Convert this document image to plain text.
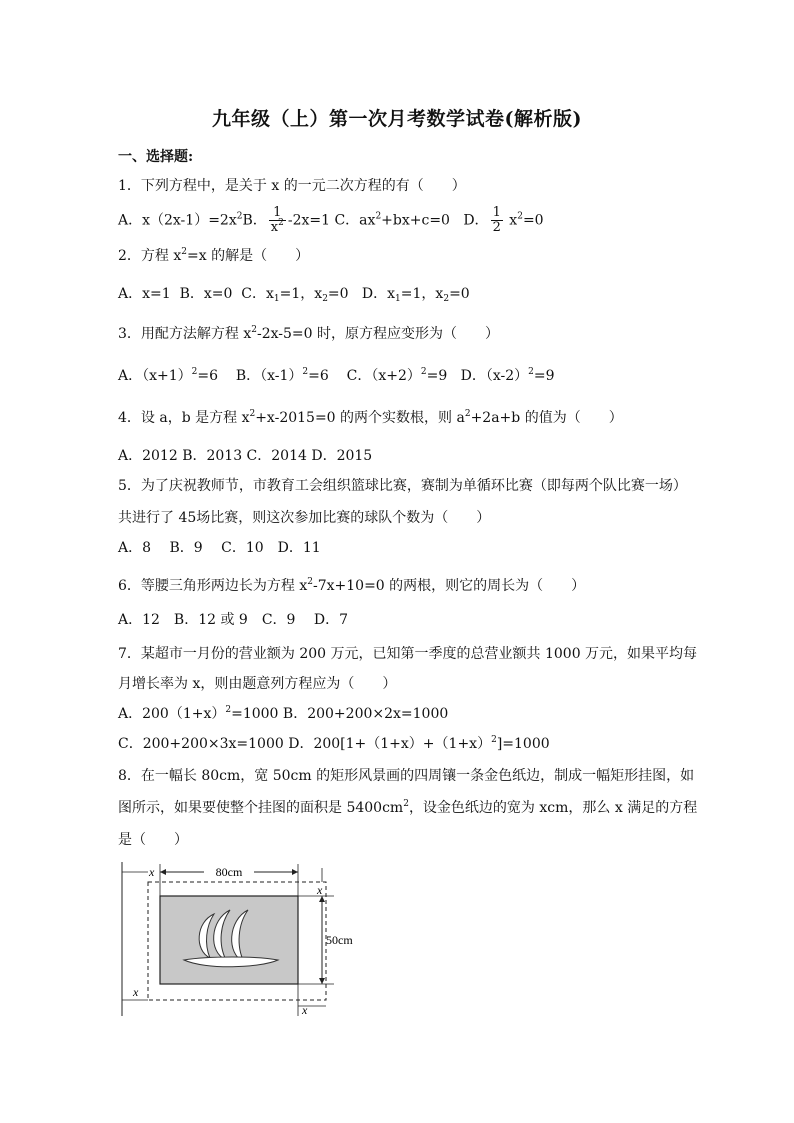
九年级（上）第一次月考数学试卷(解析版)
一、选择题:
1．下列方程中，是关于 x 的一元二次方程的有（　　）
A．$x(2x-1)=2x^2B$． $\frac{1}{x^2} -2x=1$ C．$ax^2+bx+c=0$ D． $\frac{1}{2} x^2=0$
2．方程 $x^2=x$ 的解是（　　）
A．x=1 B．x=0 C．$x_1=1$，$x_2=0$ D．$x_1=1$，$x_2=0$
3．用配方法解方程 $x^2-2x-5=0$ 时，原方程应变形为（　　）
A．$(x+1)^2=6$ B．$(x-1)^2=6$ C．$(x+2)^2=9$ D．$(x-2)^2=9$
4．设 a，b 是方程 $x^2+x-2015=0$ 的两个实数根，则 $a^2+2a+b$ 的值为（　　）
A．2012 B．2013 C．2014 D．2015
5．为了庆祝教师节，市教育工会组织篮球比赛，赛制为单循环比赛（即每两个队比赛一场）
共进行了 45场比赛，则这次参加比赛的球队个数为（　　）
A．8　 B．9　 C．10　D．11
6．等腰三角形两边长为方程 $x^2-7x+10=0$ 的两根，则它的周长为（　　）
A．12　B．12 或 9　C．9　 D．7
7．某超市一月份的营业额为 200 万元，已知第一季度的总营业额共 1000 万元，如果平均每
月增长率为 x，则由题意列方程应为（　　）
A．$200(1+x)^2=1000$ B．200+200×2x=1000
C．200+200×3x=1000 D．$200[1+(1+x)+(1+x)^2]=1000$
8．在一幅长 80cm，宽 50cm 的矩形风景画的四周镶一条金色纸边，制成一幅矩形挂图，如
图所示，如果要使整个挂图的面积是 $5400cm^2$，设金色纸边的宽为 xcm，那么 x 满足的方程
是（　　）
80cm
x
50cm
x
x
x
